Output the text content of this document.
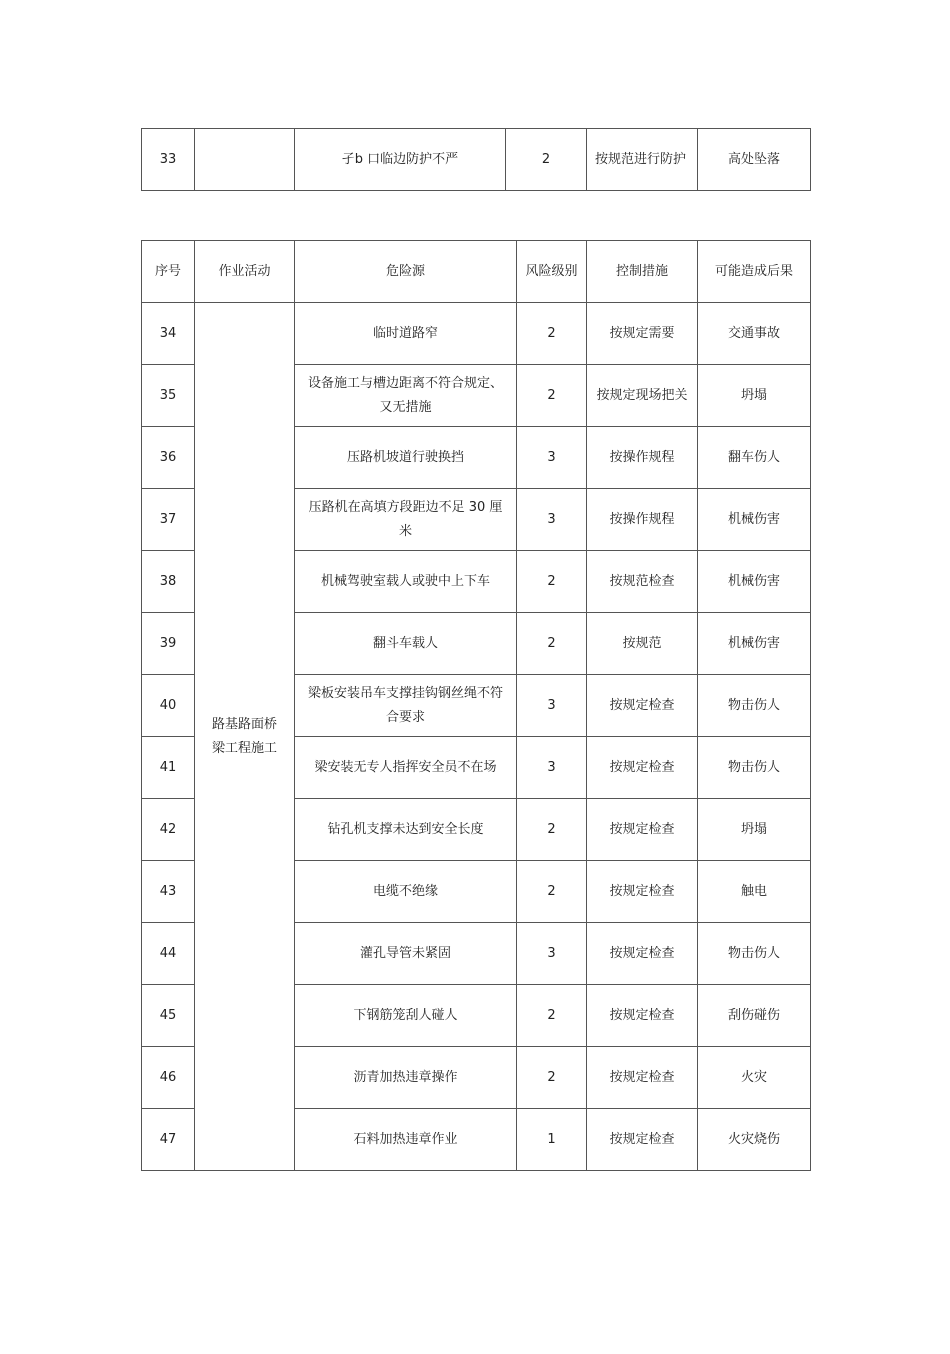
33		孑b 口临边防护不严	2	按规范进行防护	高处坠落
序号	作业活动	危险源	风险级别	控制措施	可能造成后果
34	路基路面桥梁工程施工	临时道路窄	2	按规定需要	交通事故
35		设备施工与槽边距离不符合规定、又无措施	2	按规定现场把关	坍塌
36		压路机坡道行驶换挡	3	按操作规程	翻车伤人
37		压路机在高填方段距边不足 30 厘米	3	按操作规程	机械伤害
38		机械驾驶室载人或驶中上下车	2	按规范检查	机械伤害
39		翻斗车载人	2	按规范	机械伤害
40		梁板安装吊车支撑挂钩钢丝绳不符合要求	3	按规定检查	物击伤人
41		梁安装无专人指挥安全员不在场	3	按规定检查	物击伤人
42		钻孔机支撑未达到安全长度	2	按规定检查	坍塌
43		电缆不绝缘	2	按规定检查	触电
44		灌孔导管未紧固	3	按规定检查	物击伤人
45		下钢筋笼刮人碰人	2	按规定检查	刮伤碰伤
46		沥青加热违章操作	2	按规定检查	火灾
47		石料加热违章作业	1	按规定检查	火灾烧伤
